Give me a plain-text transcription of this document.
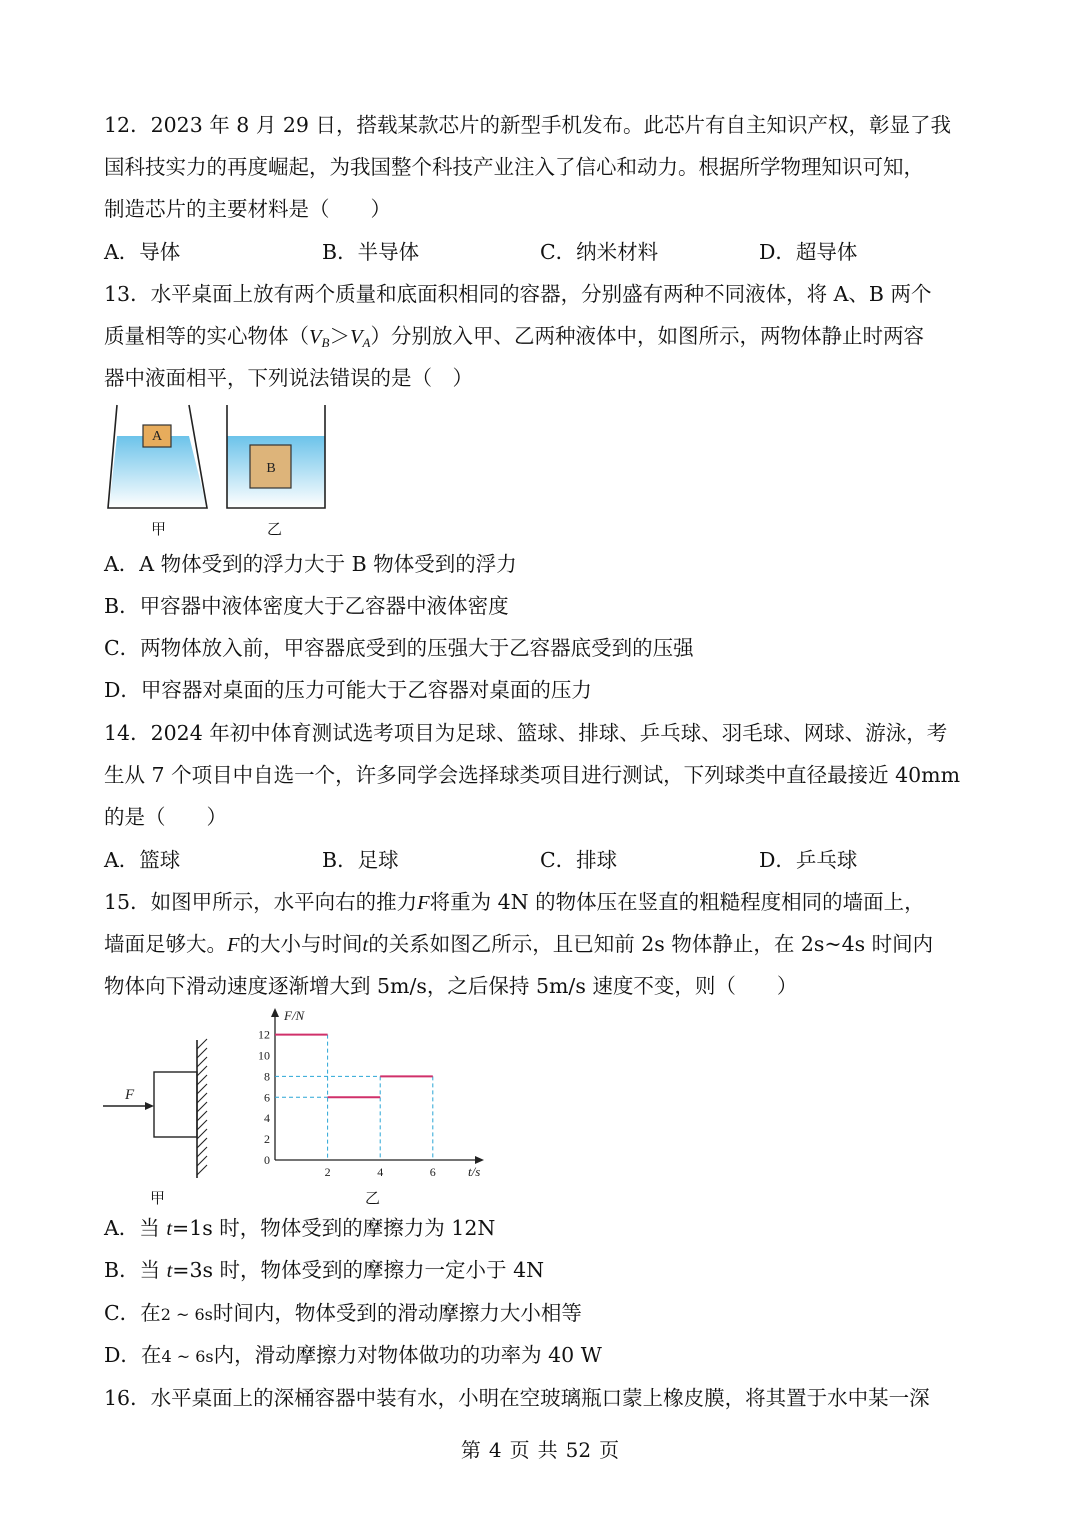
12．2023 年 8 月 29 日，搭载某款芯片的新型手机发布。此芯片有自主知识产权，彰显了我
国科技实力的再度崛起，为我国整个科技产业注入了信心和动力。根据所学物理知识可知，
制造芯片的主要材料是（　　）
A．导体	B．半导体	C．纳米材料	D．超导体
13．水平桌面上放有两个质量和底面积相同的容器，分别盛有两种不同液体，将 A、B 两个
质量相等的实心物体$(V_B>V_A)$分别放入甲、乙两种液体中，如图所示，两物体静止时两容
器中液面相平，下列说法错误的是（　）
A
B
甲	乙
A．A 物体受到的浮力大于 B 物体受到的浮力
B．甲容器中液体密度大于乙容器中液体密度
C．两物体放入前，甲容器底受到的压强大于乙容器底受到的压强
D．甲容器对桌面的压力可能大于乙容器对桌面的压力
14．2024 年初中体育测试选考项目为足球、篮球、排球、乒乓球、羽毛球、网球、游泳，考
生从 7 个项目中自选一个，许多同学会选择球类项目进行测试，下列球类中直径最接近 40mm
的是（　　）
A．篮球	B．足球	C．排球	D．乒乓球
15．如图甲所示，水平向右的推力F将重为 4N 的物体压在竖直的粗糙程度相同的墙面上，
墙面足够大。F的大小与时间t的关系如图乙所示，且已知前 2s 物体静止，在 2s~4s 时间内
物体向下滑动速度逐渐增大到 5m/s，之后保持 5m/s 速度不变，则（　　）
F
甲
F/N
t/s
0
2
4
6
8
10
12
2	4	6
乙
A．当 t=1s 时，物体受到的摩擦力为 12N
B．当 t=3s 时，物体受到的摩擦力一定小于 4N
C．在2 ~ 6s时间内，物体受到的滑动摩擦力大小相等
D．在4 ~ 6s内，滑动摩擦力对物体做功的功率为 40 W
16．水平桌面上的深桶容器中装有水，小明在空玻璃瓶口蒙上橡皮膜，将其置于水中某一深
第 4 页 共 52 页
